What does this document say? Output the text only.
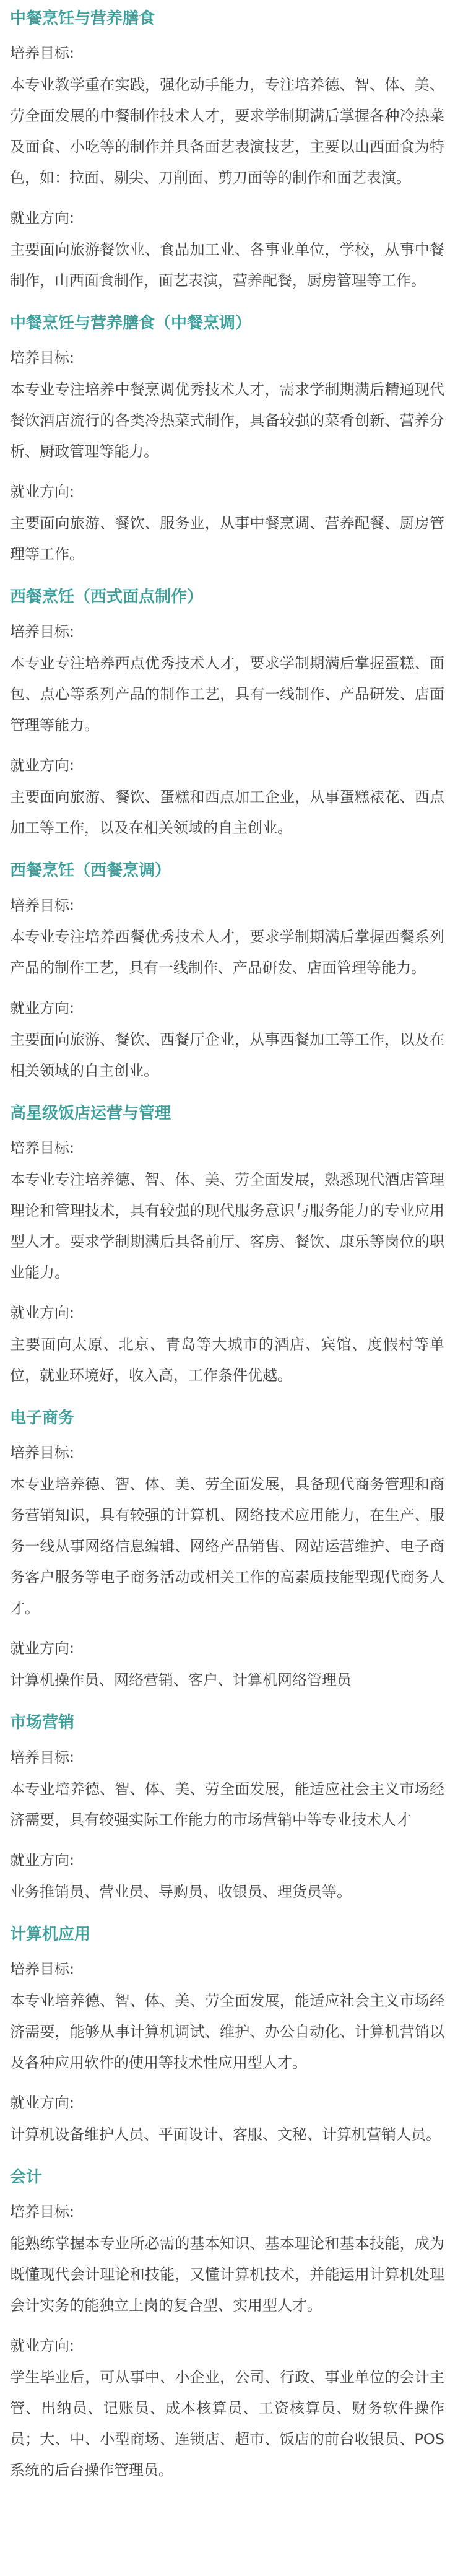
中餐烹饪与营养膳食
培养目标:

本专业教学重在实践，强化动手能力，专注培养德、智、体、美、劳全面发展的中餐制作技术人才，要求学制期满后掌握各种冷热菜及面食、小吃等的制作并具备面艺表演技艺，主要以山西面食为特色，如：拉面、剔尖、刀削面、剪刀面等的制作和面艺表演。

就业方向:

主要面向旅游餐饮业、食品加工业、各事业单位，学校，从事中餐制作，山西面食制作，面艺表演，营养配餐，厨房管理等工作。

中餐烹饪与营养膳食（中餐烹调）
培养目标:

本专业专注培养中餐烹调优秀技术人才，需求学制期满后精通现代餐饮酒店流行的各类冷热菜式制作，具备较强的菜肴创新、营养分析、厨政管理等能力。

就业方向:

主要面向旅游、餐饮、服务业，从事中餐烹调、营养配餐、厨房管理等工作。

西餐烹饪（西式面点制作）
培养目标:

本专业专注培养西点优秀技术人才，要求学制期满后掌握蛋糕、面包、点心等系列产品的制作工艺，具有一线制作、产品研发、店面管理等能力。

就业方向:

主要面向旅游、餐饮、蛋糕和西点加工企业，从事蛋糕裱花、西点加工等工作，以及在相关领域的自主创业。

西餐烹饪（西餐烹调）
培养目标:

本专业专注培养西餐优秀技术人才，要求学制期满后掌握西餐系列产品的制作工艺，具有一线制作、产品研发、店面管理等能力。

就业方向:

主要面向旅游、餐饮、西餐厅企业，从事西餐加工等工作，以及在相关领域的自主创业。

高星级饭店运营与管理
培养目标:

本专业专注培养德、智、体、美、劳全面发展，熟悉现代酒店管理理论和管理技术，具有较强的现代服务意识与服务能力的专业应用型人才。要求学制期满后具备前厅、客房、餐饮、康乐等岗位的职业能力。

就业方向:

主要面向太原、北京、青岛等大城市的酒店、宾馆、度假村等单位，就业环境好，收入高，工作条件优越。

电子商务
培养目标:

本专业培养德、智、体、美、劳全面发展，具备现代商务管理和商务营销知识，具有较强的计算机、网络技术应用能力，在生产、服务一线从事网络信息编辑、网络产品销售、网站运营维护、电子商务客户服务等电子商务活动或相关工作的高素质技能型现代商务人才。

就业方向:

计算机操作员、网络营销、客户、计算机网络管理员

市场营销
培养目标:

本专业培养德、智、体、美、劳全面发展，能适应社会主义市场经济需要，具有较强实际工作能力的市场营销中等专业技术人才

就业方向:

业务推销员、营业员、导购员、收银员、理货员等。

计算机应用
培养目标:

本专业培养德、智、体、美、劳全面发展，能适应社会主义市场经济需要，能够从事计算机调试、维护、办公自动化、计算机营销以及各种应用软件的使用等技术性应用型人才。

就业方向:

计算机设备维护人员、平面设计、客服、文秘、计算机营销人员。

会计
培养目标:

能熟练掌握本专业所必需的基本知识、基本理论和基本技能，成为既懂现代会计理论和技能，又懂计算机技术，并能运用计算机处理会计实务的能独立上岗的复合型、实用型人才。

就业方向:

学生毕业后，可从事中、小企业，公司、行政、事业单位的会计主管、出纳员、记账员、成本核算员、工资核算员、财务软件操作员；大、中、小型商场、连锁店、超市、饭店的前台收银员、POS 系统的后台操作管理员。
